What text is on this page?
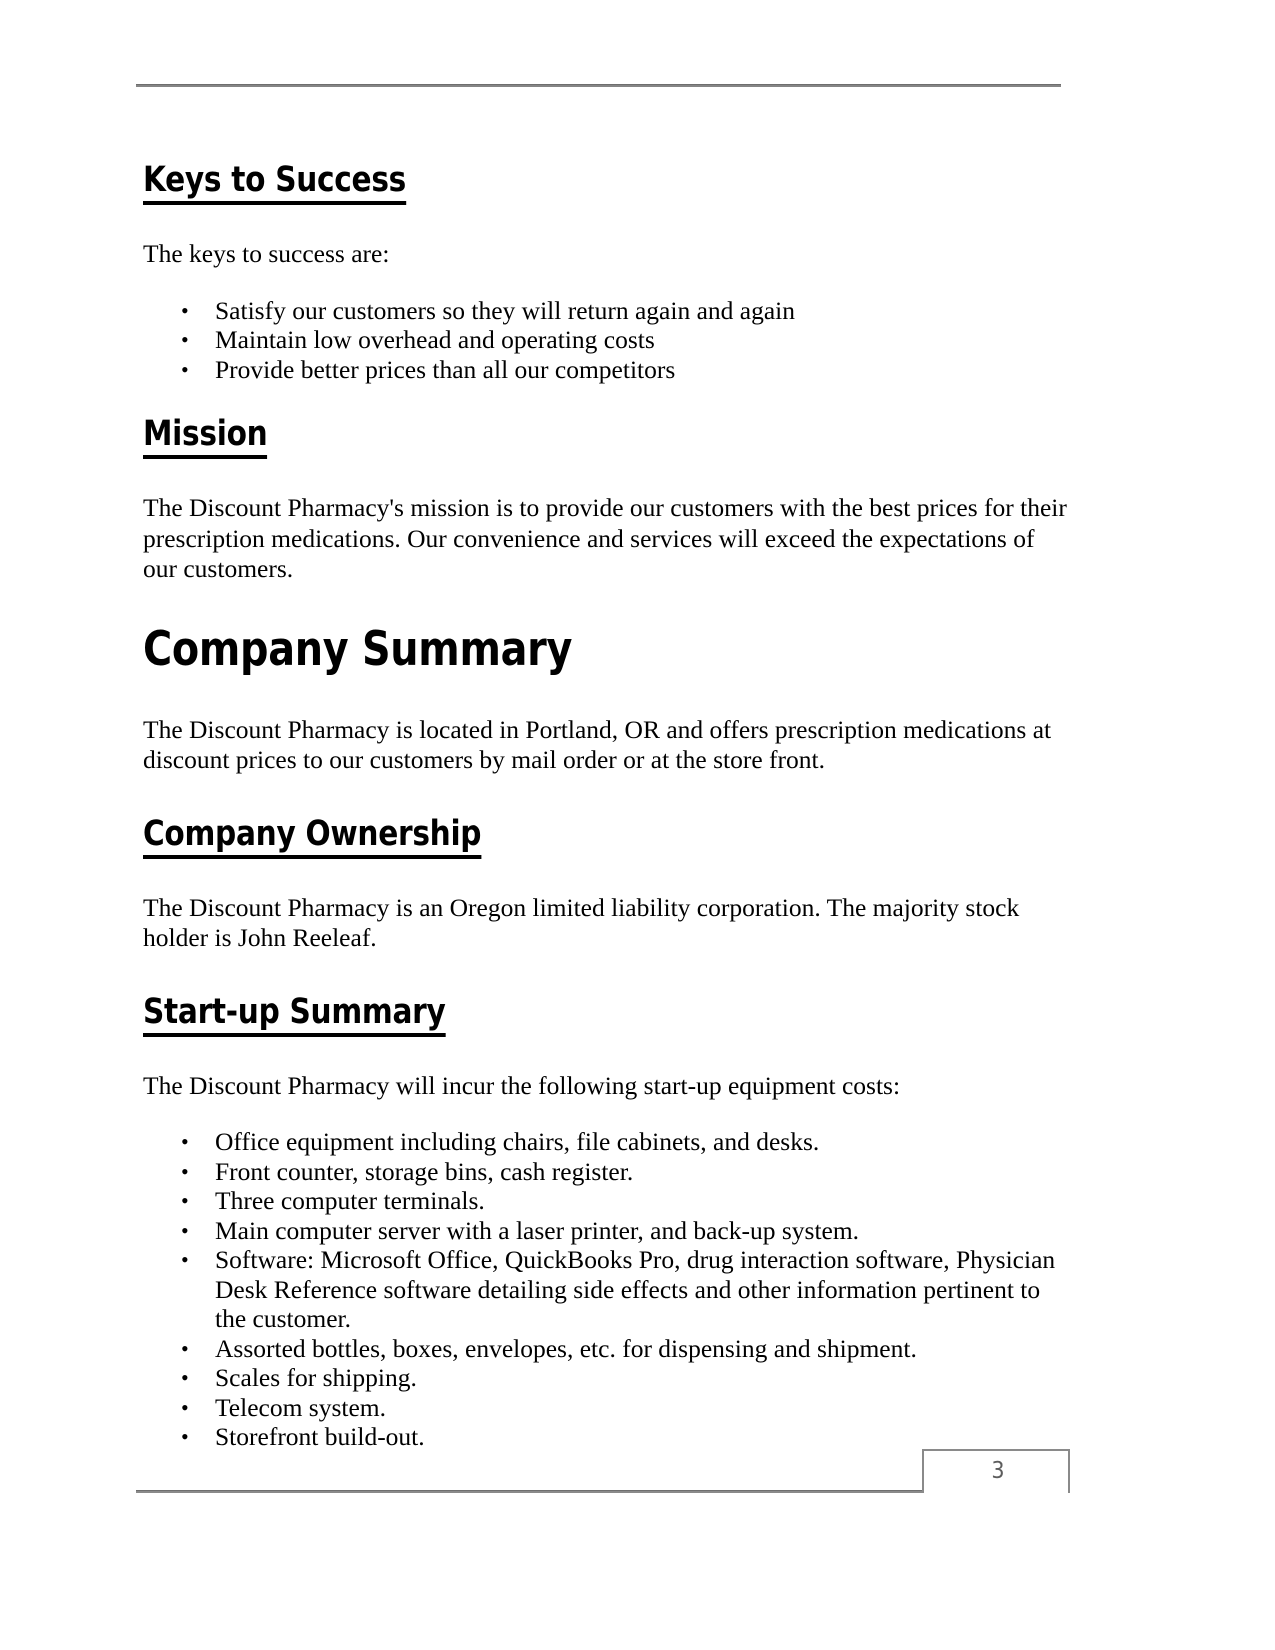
Keys to Success

The keys to success are:

• Satisfy our customers so they will return again and again
• Maintain low overhead and operating costs
• Provide better prices than all our competitors
Mission

The Discount Pharmacy's mission is to provide our customers with the best prices for their prescription medications. Our convenience and services will exceed the expectations of our customers.

Company Summary

The Discount Pharmacy is located in Portland, OR and offers prescription medications at discount prices to our customers by mail order or at the store front.

Company Ownership

The Discount Pharmacy is an Oregon limited liability corporation. The majority stock holder is John Reeleaf.

Start-up Summary

The Discount Pharmacy will incur the following start-up equipment costs:

• Office equipment including chairs, file cabinets, and desks.
• Front counter, storage bins, cash register.
• Three computer terminals.
• Main computer server with a laser printer, and back-up system.
• Software: Microsoft Office, QuickBooks Pro, drug interaction software, Physician Desk Reference software detailing side effects and other information pertinent to the customer.
• Assorted bottles, boxes, envelopes, etc. for dispensing and shipment.
• Scales for shipping.
• Telecom system.
• Storefront build-out.
3
